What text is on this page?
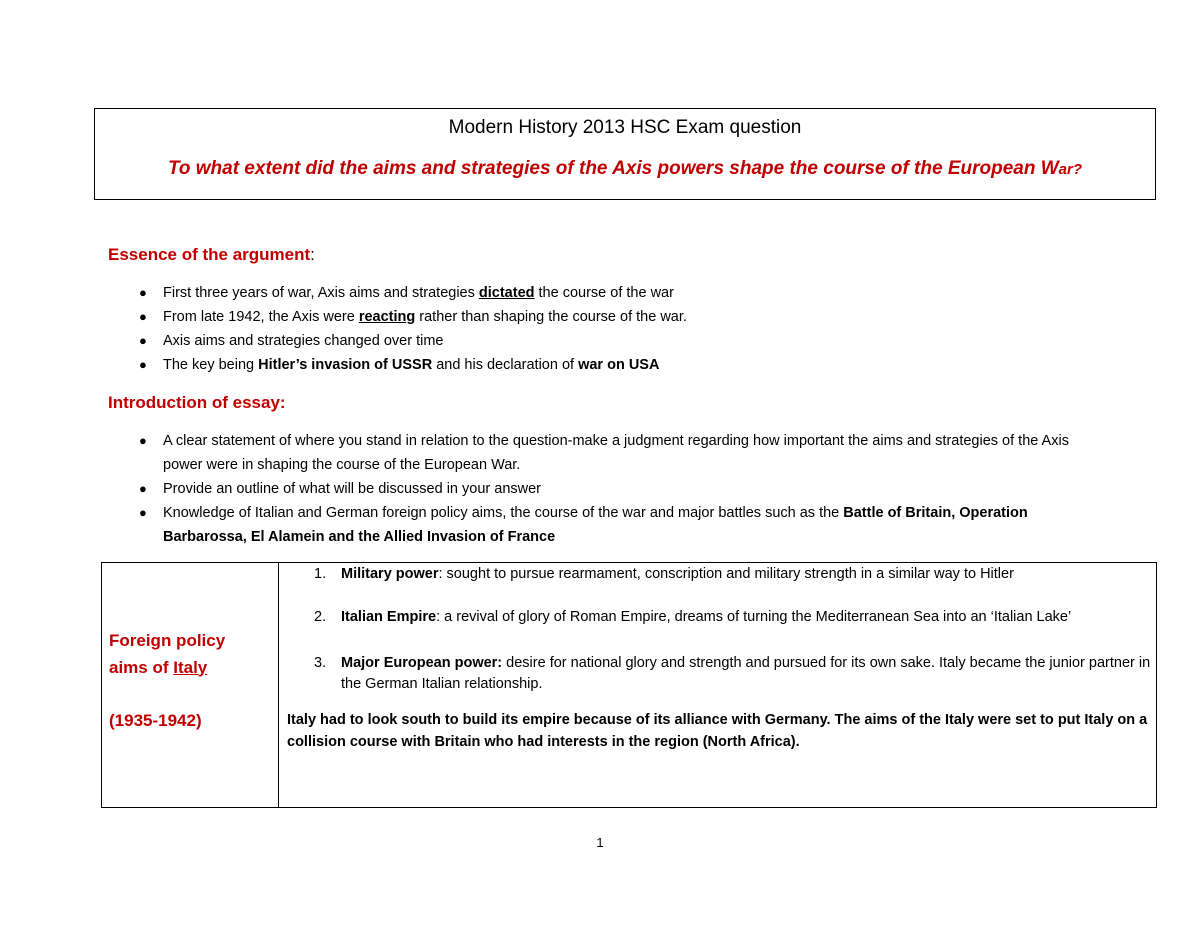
Modern History 2013 HSC Exam question
To what extent did the aims and strategies of the Axis powers shape the course of the European War?
Essence of the argument:
● First three years of war, Axis aims and strategies dictated the course of the war
● From late 1942, the Axis were reacting rather than shaping the course of the war.
● Axis aims and strategies changed over time
● The key being Hitler’s invasion of USSR and his declaration of war on USA
Introduction of essay:
● A clear statement of where you stand in relation to the question-make a judgment regarding how important the aims and strategies of the Axis power were in shaping the course of the European War.
● Provide an outline of what will be discussed in your answer
● Knowledge of Italian and German foreign policy aims, the course of the war and major battles such as the Battle of Britain, Operation Barbarossa, El Alamein and the Allied Invasion of France
Foreign policy
aims of Italy
(1935-1942)

1. Military power: sought to pursue rearmament, conscription and military strength in a similar way to Hitler
2. Italian Empire: a revival of glory of Roman Empire, dreams of turning the Mediterranean Sea into an ‘Italian Lake’
3. Major European power: desire for national glory and strength and pursued for its own sake. Italy became the junior partner in the German Italian relationship.
Italy had to look south to build its empire because of its alliance with Germany. The aims of the Italy were set to put Italy on a collision course with Britain who had interests in the region (North Africa).
1
